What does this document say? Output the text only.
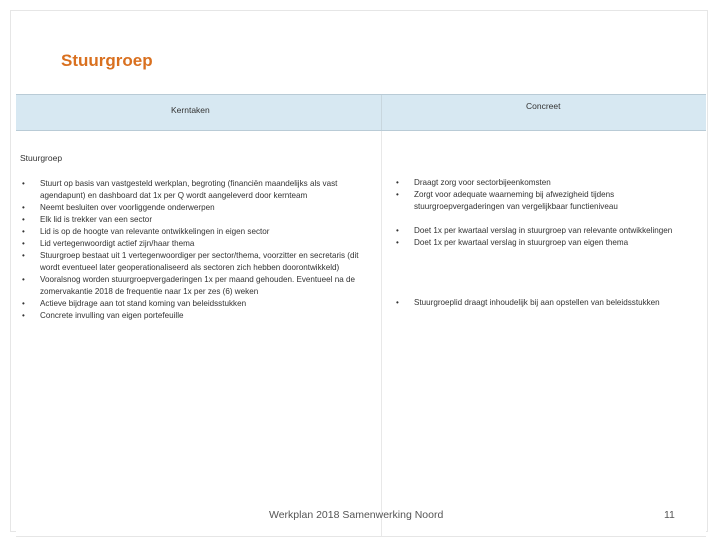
Stuurgroep
Kerntaken	Concreet
Stuurgroep
• Stuurt op basis van vastgesteld werkplan, begroting (financiën maandelijks als vast agendapunt) en dashboard dat 1x per Q wordt aangeleverd door kernteam
• Neemt besluiten over voorliggende onderwerpen
• Elk lid is trekker van een sector
• Lid is op de hoogte van relevante ontwikkelingen in eigen sector
• Lid vertegenwoordigt actief zijn/haar thema
• Stuurgroep bestaat uit 1 vertegenwoordiger per sector/thema, voorzitter en secretaris (dit wordt eventueel later geoperationaliseerd als sectoren zich hebben doorontwikkeld)
• Vooralsnog worden stuurgroepvergaderingen 1x per maand gehouden. Eventueel na de zomervakantie 2018 de frequentie naar 1x per zes (6) weken
• Actieve bijdrage aan tot stand koming van beleidsstukken
• Concrete invulling van eigen portefeuille
• Draagt zorg voor sectorbijeenkomsten
• Zorgt voor adequate waarneming bij afwezigheid tijdens stuurgroepvergaderingen van vergelijkbaar functieniveau
• Doet 1x per kwartaal verslag in stuurgroep van relevante ontwikkelingen
• Doet 1x per kwartaal verslag in stuurgroep van eigen thema
• Stuurgroeplid draagt inhoudelijk bij aan opstellen van beleidsstukken
Werkplan 2018 Samenwerking Noord	11
